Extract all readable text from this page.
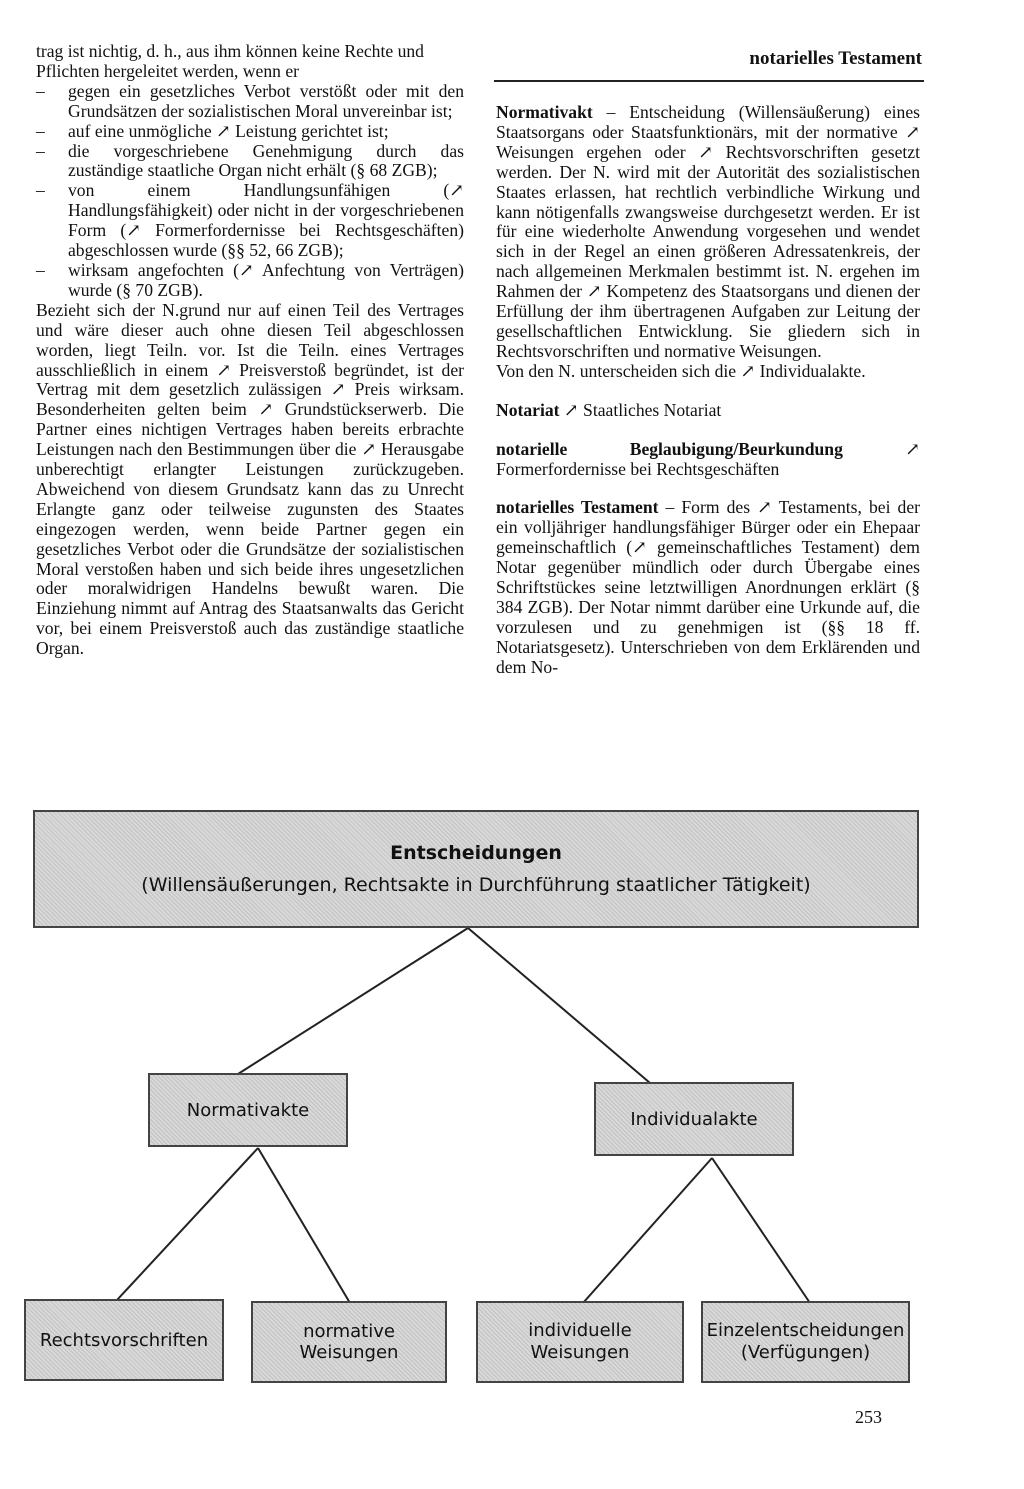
notarielles Testament

trag ist nichtig, d. h., aus ihm können keine Rechte und Pflichten hergeleitet werden, wenn er

–	gegen ein gesetzliches Verbot verstößt oder mit den Grundsätzen der sozialistischen Moral unvereinbar ist;
–	auf eine unmögliche ↗ Leistung gerichtet ist;
–	die vorgeschriebene Genehmigung durch das zuständige staatliche Organ nicht erhält (§ 68 ZGB);
–	von einem Handlungsunfähigen (↗ Handlungsfähigkeit) oder nicht in der vorgeschriebenen Form (↗ Formerfordernisse bei Rechtsgeschäften) abgeschlossen wurde (§§ 52, 66 ZGB);
–	wirksam angefochten (↗ Anfechtung von Verträgen) wurde (§ 70 ZGB).

Bezieht sich der N.grund nur auf einen Teil des Vertrages und wäre dieser auch ohne diesen Teil abgeschlossen worden, liegt Teiln. vor. Ist die Teiln. eines Vertrages ausschließlich in einem ↗ Preisverstoß begründet, ist der Vertrag mit dem gesetzlich zulässigen ↗ Preis wirksam. Besonderheiten gelten beim ↗ Grundstückserwerb. Die Partner eines nichtigen Vertrages haben bereits erbrachte Leistungen nach den Bestimmungen über die ↗ Herausgabe unberechtigt erlangter Leistungen zurückzugeben. Abweichend von diesem Grundsatz kann das zu Unrecht Erlangte ganz oder teilweise zugunsten des Staates eingezogen werden, wenn beide Partner gegen ein gesetzliches Verbot oder die Grundsätze der sozialistischen Moral verstoßen haben und sich beide ihres ungesetzlichen oder moralwidrigen Handelns bewußt waren. Die Einziehung nimmt auf Antrag des Staatsanwalts das Gericht vor, bei einem Preisverstoß auch das zuständige staatliche Organ.

Normativakt – Entscheidung (Willensäußerung) eines Staatsorgans oder Staatsfunktionärs, mit der normative ↗ Weisungen ergehen oder ↗ Rechtsvorschriften gesetzt werden. Der N. wird mit der Autorität des sozialistischen Staates erlassen, hat rechtlich verbindliche Wirkung und kann nötigenfalls zwangsweise durchgesetzt werden. Er ist für eine wiederholte Anwendung vorgesehen und wendet sich in der Regel an einen größeren Adressatenkreis, der nach allgemeinen Merkmalen bestimmt ist. N. ergehen im Rahmen der ↗ Kompetenz des Staatsorgans und dienen der Erfüllung der ihm übertragenen Aufgaben zur Leitung der gesellschaftlichen Entwicklung. Sie gliedern sich in Rechtsvorschriften und normative Weisungen.

Von den N. unterscheiden sich die ↗ Individualakte.

Notariat ↗ Staatliches Notariat

notarielle Beglaubigung/Beurkundung ↗ Formerfordernisse bei Rechtsgeschäften

notarielles Testament – Form des ↗ Testaments, bei der ein volljähriger handlungsfähiger Bürger oder ein Ehepaar gemeinschaftlich (↗ gemeinschaftliches Testament) dem Notar gegenüber mündlich oder durch Übergabe eines Schriftstückes seine letztwilligen Anordnungen erklärt (§ 384 ZGB). Der Notar nimmt darüber eine Urkunde auf, die vorzulesen und zu genehmigen ist (§§ 18 ff. Notariatsgesetz). Unterschrieben von dem Erklärenden und dem No-

Entscheidungen
(Willensäußerungen, Rechtsakte in Durchführung staatlicher Tätigkeit)
Normativakte	Individualakte
Rechtsvorschriften	normative Weisungen
individuelle
Weisungen
Einzelentscheidungen
(Verfügungen)
253
